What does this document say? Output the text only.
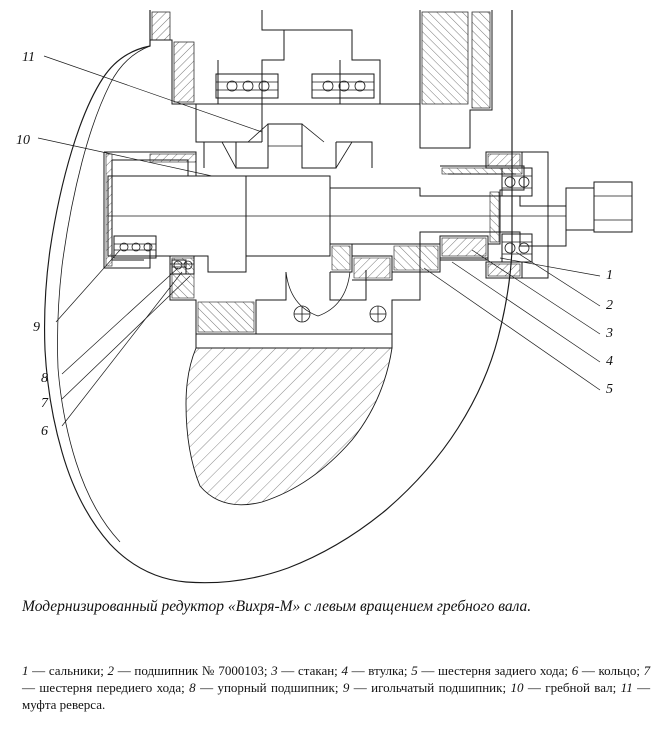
11
10
9
8
7
6
1
2
3
4
5
Модернизированный редуктор «Вихря-М» с левым вращением гребного вала.
1 — сальники; 2 — подшипник № 7000103; 3 — стакан; 4 — втулка; 5 — шестерня задиего хода; 6 — кольцо; 7 — шестерня передиего хода; 8 — упорный подшипник; 9 — игольчатый подшипник; 10 — гребной вал; 11 — муфта реверса.
